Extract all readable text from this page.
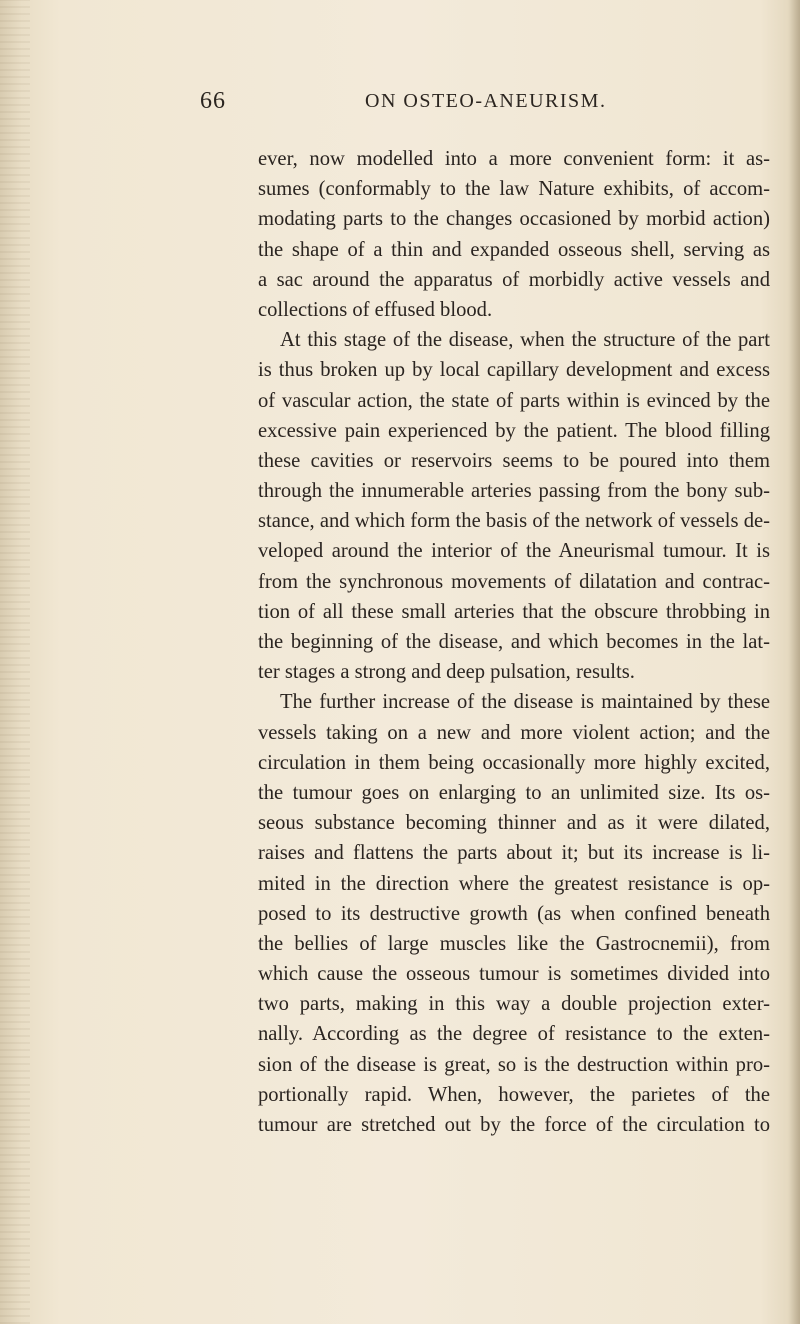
66	ON OSTEO-ANEURISM.
ever, now modelled into a more convenient form: it as-
sumes (conformably to the law Nature exhibits, of accom-
modating parts to the changes occasioned by morbid action)
the shape of a thin and expanded osseous shell, serving as
a sac around the apparatus of morbidly active vessels and
collections of effused blood.
At this stage of the disease, when the structure of the part
is thus broken up by local capillary development and excess
of vascular action, the state of parts within is evinced by the
excessive pain experienced by the patient. The blood filling
these cavities or reservoirs seems to be poured into them
through the innumerable arteries passing from the bony sub-
stance, and which form the basis of the network of vessels de-
veloped around the interior of the Aneurismal tumour. It is
from the synchronous movements of dilatation and contrac-
tion of all these small arteries that the obscure throbbing in
the beginning of the disease, and which becomes in the lat-
ter stages a strong and deep pulsation, results.
The further increase of the disease is maintained by these
vessels taking on a new and more violent action; and the
circulation in them being occasionally more highly excited,
the tumour goes on enlarging to an unlimited size. Its os-
seous substance becoming thinner and as it were dilated,
raises and flattens the parts about it; but its increase is li-
mited in the direction where the greatest resistance is op-
posed to its destructive growth (as when confined beneath
the bellies of large muscles like the Gastrocnemii), from
which cause the osseous tumour is sometimes divided into
two parts, making in this way a double projection exter-
nally. According as the degree of resistance to the exten-
sion of the disease is great, so is the destruction within pro-
portionally rapid. When, however, the parietes of the
tumour are stretched out by the force of the circulation to
